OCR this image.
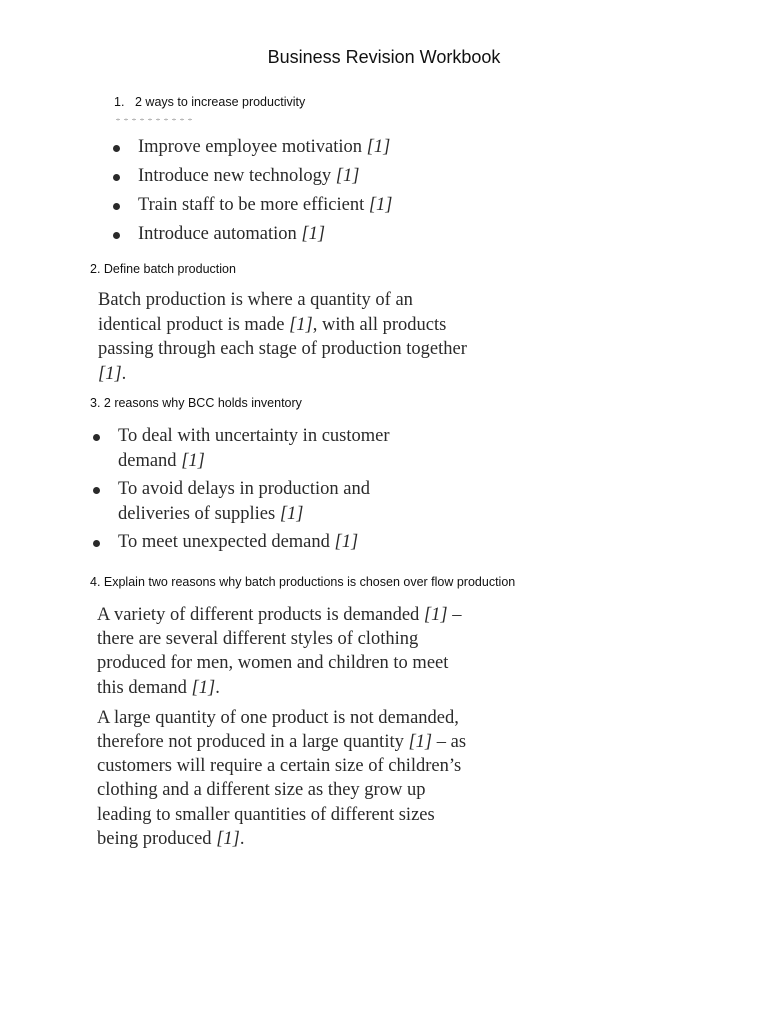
Business Revision Workbook
1. 2 ways to increase productivity
Improve employee motivation [1]
Introduce new technology [1]
Train staff to be more efficient [1]
Introduce automation [1]
2. Define batch production
Batch production is where a quantity of an identical product is made [1], with all products passing through each stage of production together [1].
3. 2 reasons why BCC holds inventory
To deal with uncertainty in customer demand [1]
To avoid delays in production and deliveries of supplies [1]
To meet unexpected demand [1]
4. Explain two reasons why batch productions is chosen over flow production

A variety of different products is demanded [1] – there are several different styles of clothing produced for men, women and children to meet this demand [1].

A large quantity of one product is not demanded, therefore not produced in a large quantity [1] – as customers will require a certain size of children’s clothing and a different size as they grow up leading to smaller quantities of different sizes being produced [1].
